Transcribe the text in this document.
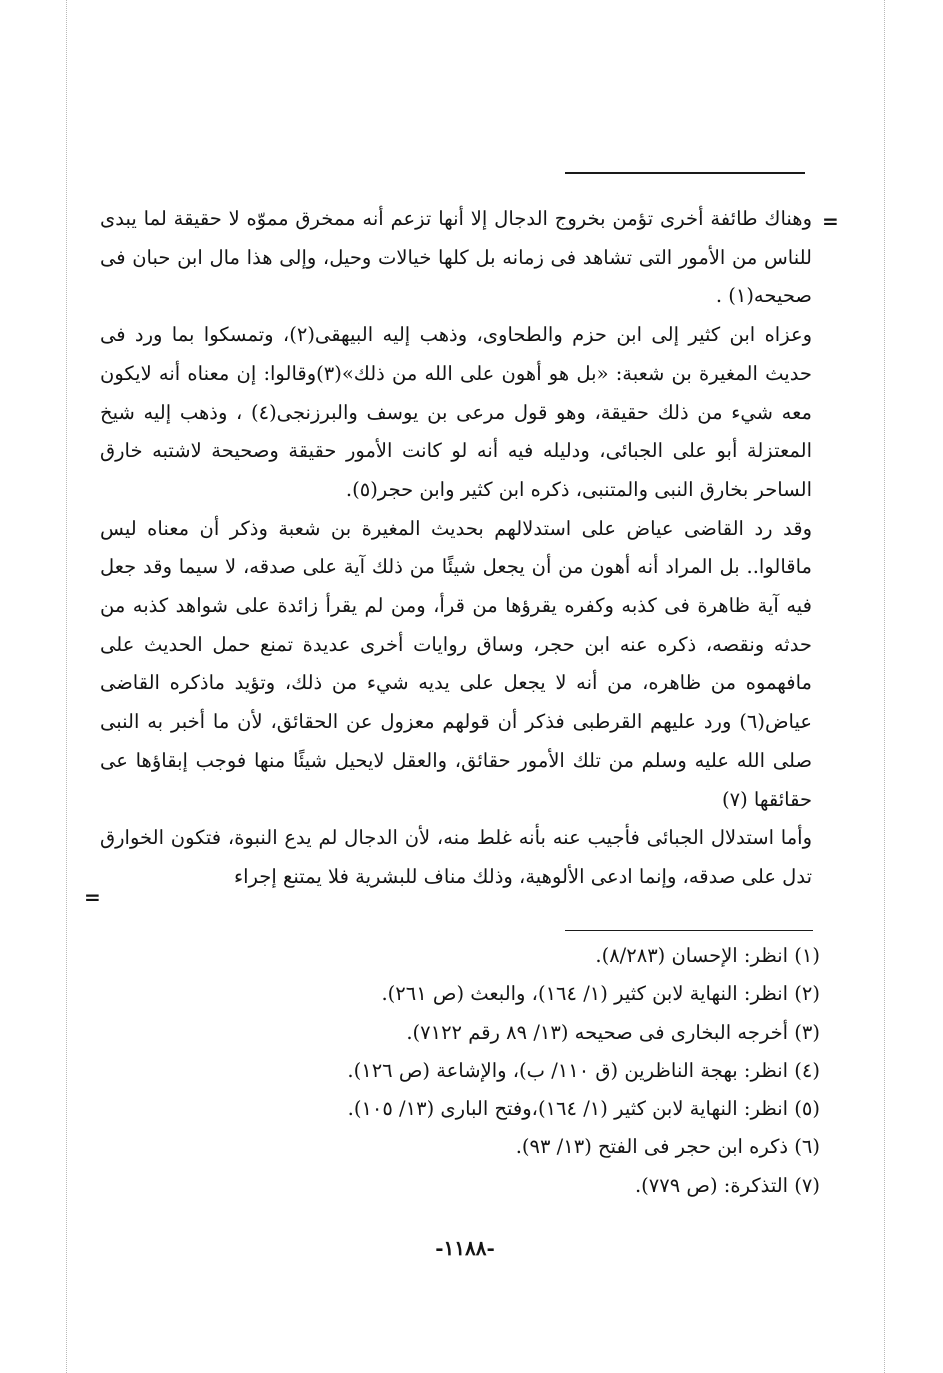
=

وهناك طائفة أخرى تؤمن بخروج الدجال إلا أنها تزعم أنه ممخرق مموّه لا حقيقة لما يبدى للناس من الأمور التى تشاهد فى زمانه بل كلها خيالات وحيل، وإلى هذا مال ابن حبان فى صحيحه(١) .

وعزاه ابن كثير إلى ابن حزم والطحاوى، وذهب إليه البيهقى(٢)، وتمسكوا بما ورد فى حديث المغيرة بن شعبة: «بل هو أهون على الله من ذلك»(٣)وقالوا: إن معناه أنه لايكون معه شيء من ذلك حقيقة، وهو قول مرعى بن يوسف والبرزنجى(٤) ، وذهب إليه شيخ المعتزلة أبو على الجبائى، ودليله فيه أنه لو كانت الأمور حقيقة وصحيحة لاشتبه خارق الساحر بخارق النبى والمتنبى، ذكره ابن كثير وابن حجر(٥).

وقد رد القاضى عياض على استدلالهم بحديث المغيرة بن شعبة وذكر أن معناه ليس ماقالوا.. بل المراد أنه أهون من أن يجعل شيئًا من ذلك آية على صدقه، لا سيما وقد جعل فيه آية ظاهرة فى كذبه وكفره يقرؤها من قرأ، ومن لم يقرأ زائدة على شواهد كذبه من حدثه ونقصه، ذكره عنه ابن حجر، وساق روايات أخرى عديدة تمنع حمل الحديث على مافهموه من ظاهره، من أنه لا يجعل على يديه شيء من ذلك، وتؤيد ماذكره القاضى عياض(٦) ورد عليهم القرطبى فذكر أن قولهم معزول عن الحقائق، لأن ما أخبر به النبى صلى الله عليه وسلم من تلك الأمور حقائق، والعقل لايحيل شيئًا منها فوجب إبقاؤها عى حقائقها (٧)

وأما استدلال الجبائى فأجيب عنه بأنه غلط منه، لأن الدجال لم يدع النبوة، فتكون الخوارق تدل على صدقه، وإنما ادعى الألوهية، وذلك مناف للبشرية فلا يمتنع إجراء

=
(١) انظر: الإحسان (٨/٢٨٣).
(٢) انظر: النهاية لابن كثير (١/ ١٦٤)، والبعث (ص ٢٦١).
(٣) أخرجه البخارى فى صحيحه (١٣/ ٨٩ رقم ٧١٢٢).
(٤) انظر: بهجة الناظرين (ق ١١٠/ ب)، والإشاعة (ص ١٢٦).
(٥) انظر: النهاية لابن كثير (١/ ١٦٤)،وفتح البارى (١٣/ ١٠٥).
(٦) ذكره ابن حجر فى الفتح (١٣/ ٩٣).
(٧) التذكرة: (ص ٧٧٩).
-١١٨٨-
